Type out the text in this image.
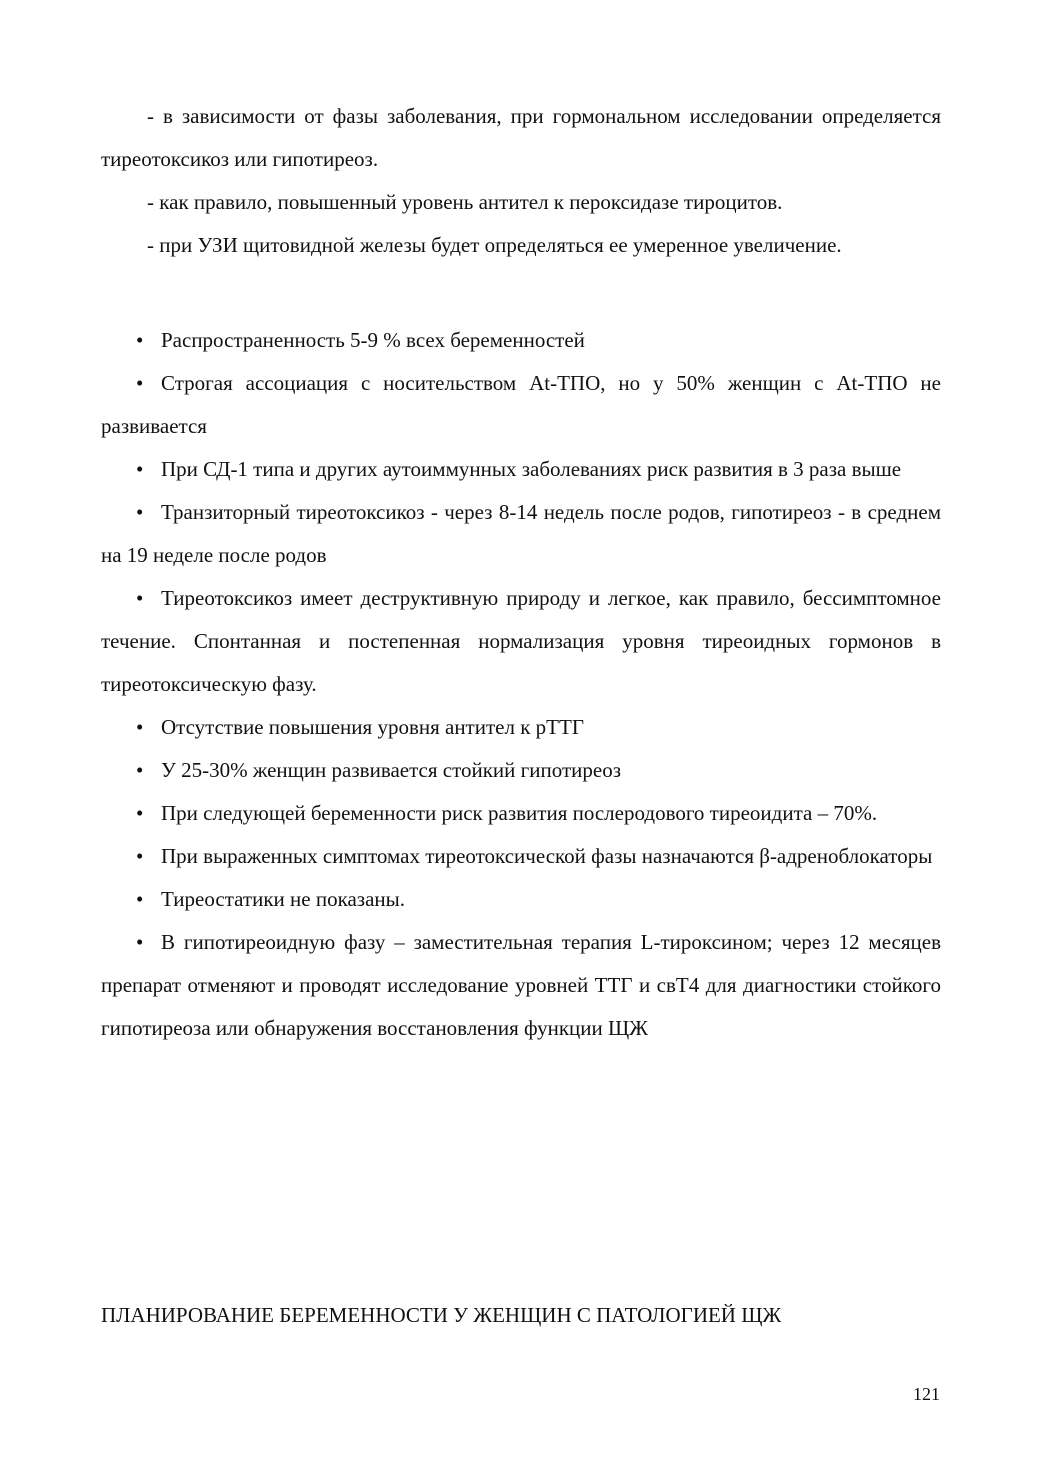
- в зависимости от фазы заболевания, при гормональном исследовании определяется тиреотоксикоз или гипотиреоз.

- как правило, повышенный уровень антител к пероксидазе тироцитов.

- при УЗИ щитовидной железы будет определяться ее умеренное увеличение.

• Распространенность 5-9 % всех беременностей

• Строгая ассоциация с носительством At-ТПО, но у 50% женщин с At-ТПО не развивается

• При СД-1 типа и других аутоиммунных заболеваниях риск развития в 3 раза выше

• Транзиторный тиреотоксикоз - через 8-14 недель после родов, гипотиреоз - в среднем на 19 неделе после родов

• Тиреотоксикоз имеет деструктивную природу и легкое, как правило, бессимптомное течение. Спонтанная и постепенная нормализация уровня тиреоидных гормонов в тиреотоксическую фазу.

• Отсутствие повышения уровня антител к рТТГ

• У 25-30% женщин развивается стойкий гипотиреоз

• При следующей беременности риск развития послеродового тиреоидита – 70%.

• При выраженных симптомах тиреотоксической фазы назначаются β-адреноблокаторы

• Тиреостатики не показаны.

• В гипотиреоидную фазу – заместительная терапия L-тироксином; через 12 месяцев препарат отменяют и проводят исследование уровней ТТГ и свТ4 для диагностики стойкого гипотиреоза или обнаружения восстановления функции ЩЖ

ПЛАНИРОВАНИЕ БЕРЕМЕННОСТИ У ЖЕНЩИН С ПАТОЛОГИЕЙ ЩЖ

121
